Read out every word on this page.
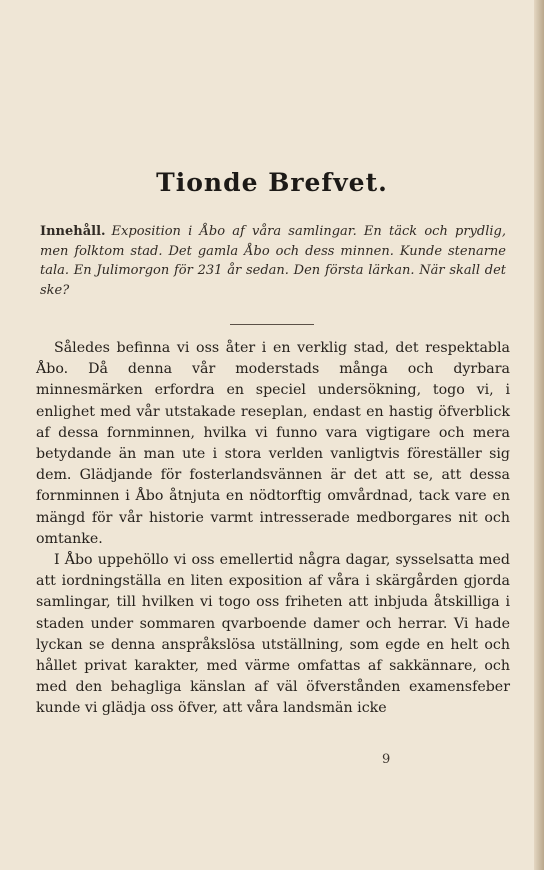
Tionde Brefvet.
Innehåll. Exposition i Åbo af våra samlingar. En täck och prydlig, men folktom stad. Det gamla Åbo och dess minnen. Kunde stenarne tala. En Julimorgon för 231 år sedan. Den första lärkan. När skall det ske?

Således befinna vi oss åter i en verklig stad, det respektabla Åbo. Då denna vår moderstads många och dyrbara minnesmärken erfordra en speciel undersökning, togo vi, i enlighet med vår utstakade reseplan, endast en hastig öfverblick af dessa fornminnen, hvilka vi funno vara vigtigare och mera betydande än man ute i stora verlden vanligtvis föreställer sig dem. Glädjande för fosterlandsvännen är det att se, att dessa fornminnen i Åbo åtnjuta en nödtorftig omvårdnad, tack vare en mängd för vår historie varmt intresserade medborgares nit och omtanke.

I Åbo uppehöllo vi oss emellertid några dagar, sysselsatta med att iordningställa en liten exposition af våra i skärgården gjorda samlingar, till hvilken vi togo oss friheten att inbjuda åtskilliga i staden under sommaren qvarboende damer och herrar. Vi hade lyckan se denna anspråkslösa utställning, som egde en helt och hållet privat karakter, med värme omfattas af sakkännare, och med den behagliga känslan af väl öfverstånden examensfeber kunde vi glädja oss öfver, att våra landsmän icke

9
